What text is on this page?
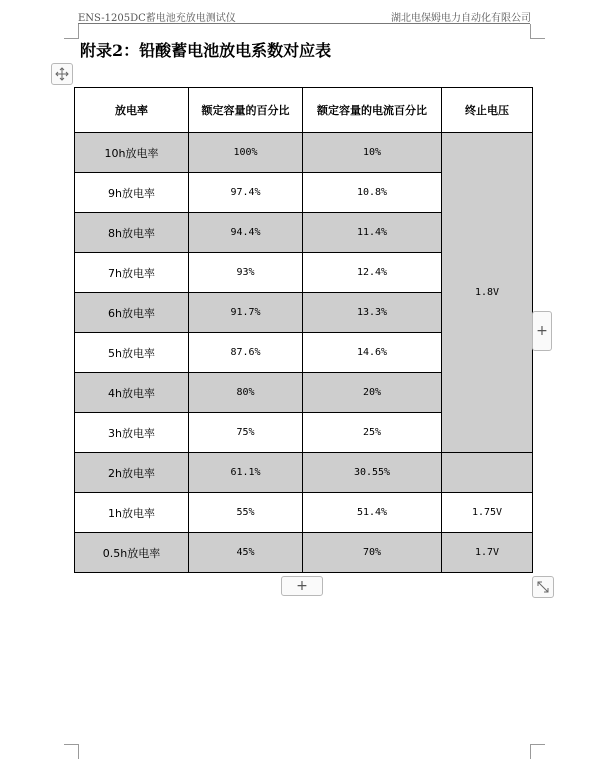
ENS-1205DC蓄电池充放电测试仪	湖北电保姆电力自动化有限公司
附录2：铅酸蓄电池放电系数对应表
放电率	额定容量的百分比	额定容量的电流百分比	终止电压
10h放电率	100%	10%	1.8V
9h放电率	97.4%	10.8%	
8h放电率	94.4%	11.4%	
7h放电率	93%	12.4%	
6h放电率	91.7%	13.3%	
5h放电率	87.6%	14.6%	
4h放电率	80%	20%	
3h放电率	75%	25%	
2h放电率	61.1%	30.55%	
1h放电率	55%	51.4%	1.75V
0.5h放电率	45%	70%	1.7V
+
+
